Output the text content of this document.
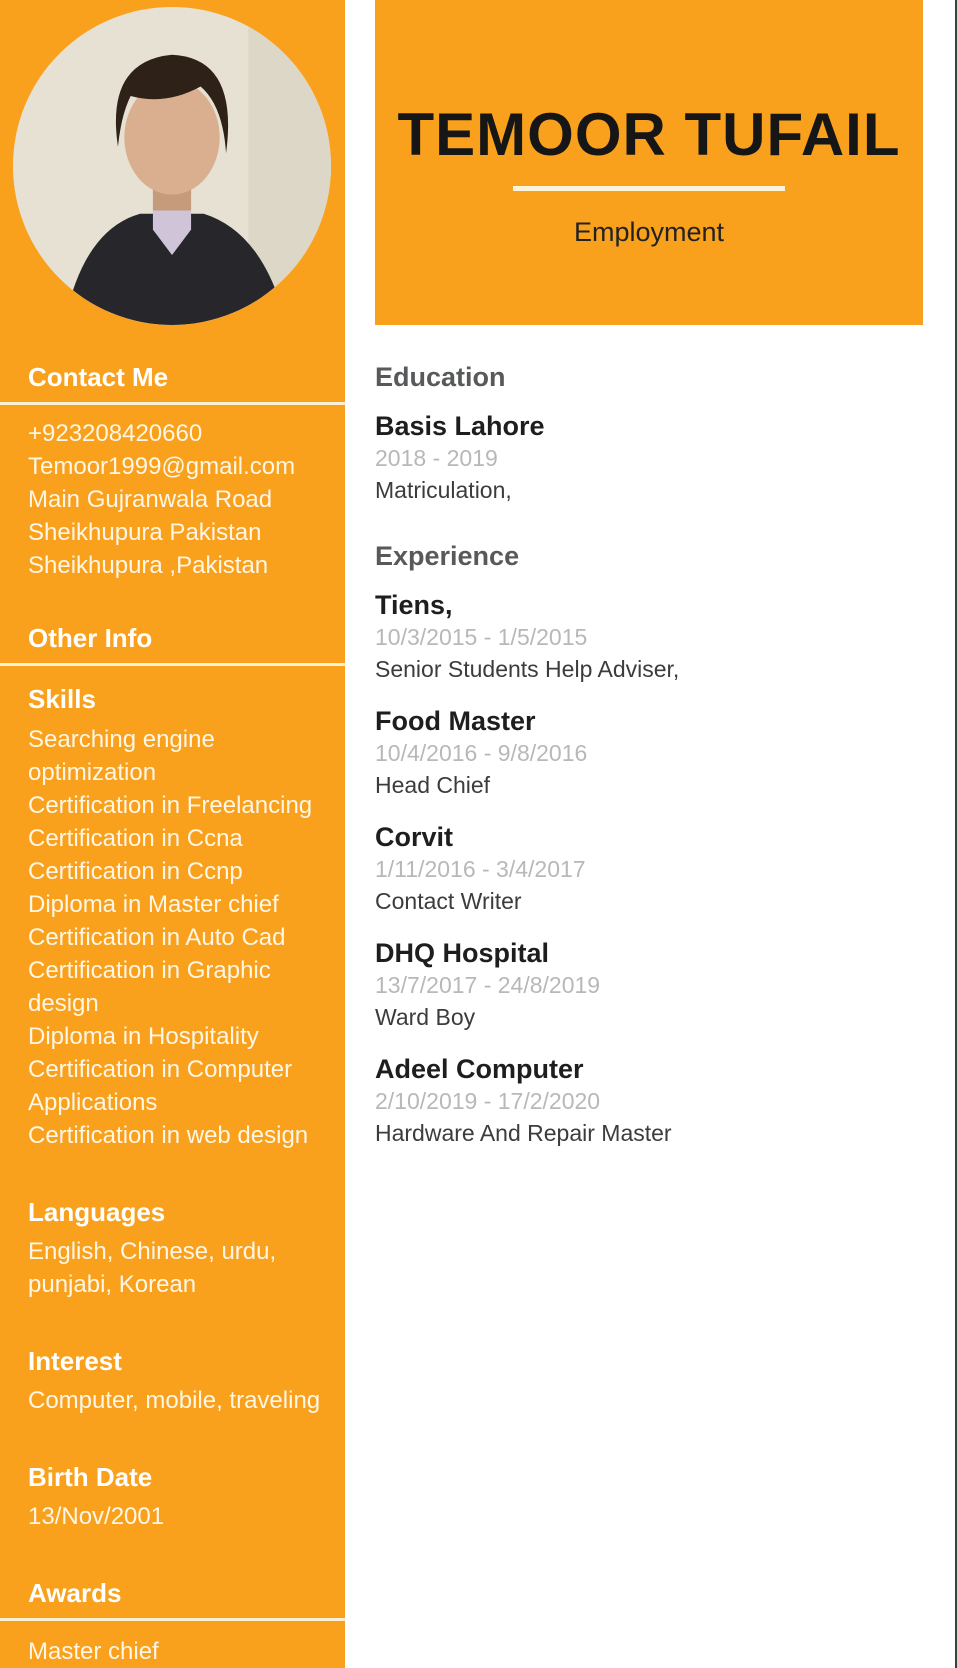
Contact Me
+923208420660
Temoor1999@gmail.com
Main Gujranwala Road
Sheikhupura Pakistan
Sheikhupura ,Pakistan
Other Info
Skills
Searching engine optimization
Certification in Freelancing
Certification in Ccna
Certification in Ccnp
Diploma in Master chief
Certification in Auto Cad
Certification in Graphic design
Diploma in Hospitality
Certification in Computer Applications
Certification in web design
Languages
English, Chinese, urdu, punjabi, Korean
Interest
Computer, mobile, traveling
Birth Date
13/Nov/2001
Awards
Master chief
TEMOOR TUFAIL
Employment
Education
Basis Lahore
2018 - 2019
Matriculation,
Experience
Tiens,
10/3/2015 - 1/5/2015
Senior Students Help Adviser,
Food Master
10/4/2016 - 9/8/2016
Head Chief
Corvit
1/11/2016 - 3/4/2017
Contact Writer
DHQ Hospital
13/7/2017 - 24/8/2019
Ward Boy
Adeel Computer
2/10/2019 - 17/2/2020
Hardware And Repair Master
